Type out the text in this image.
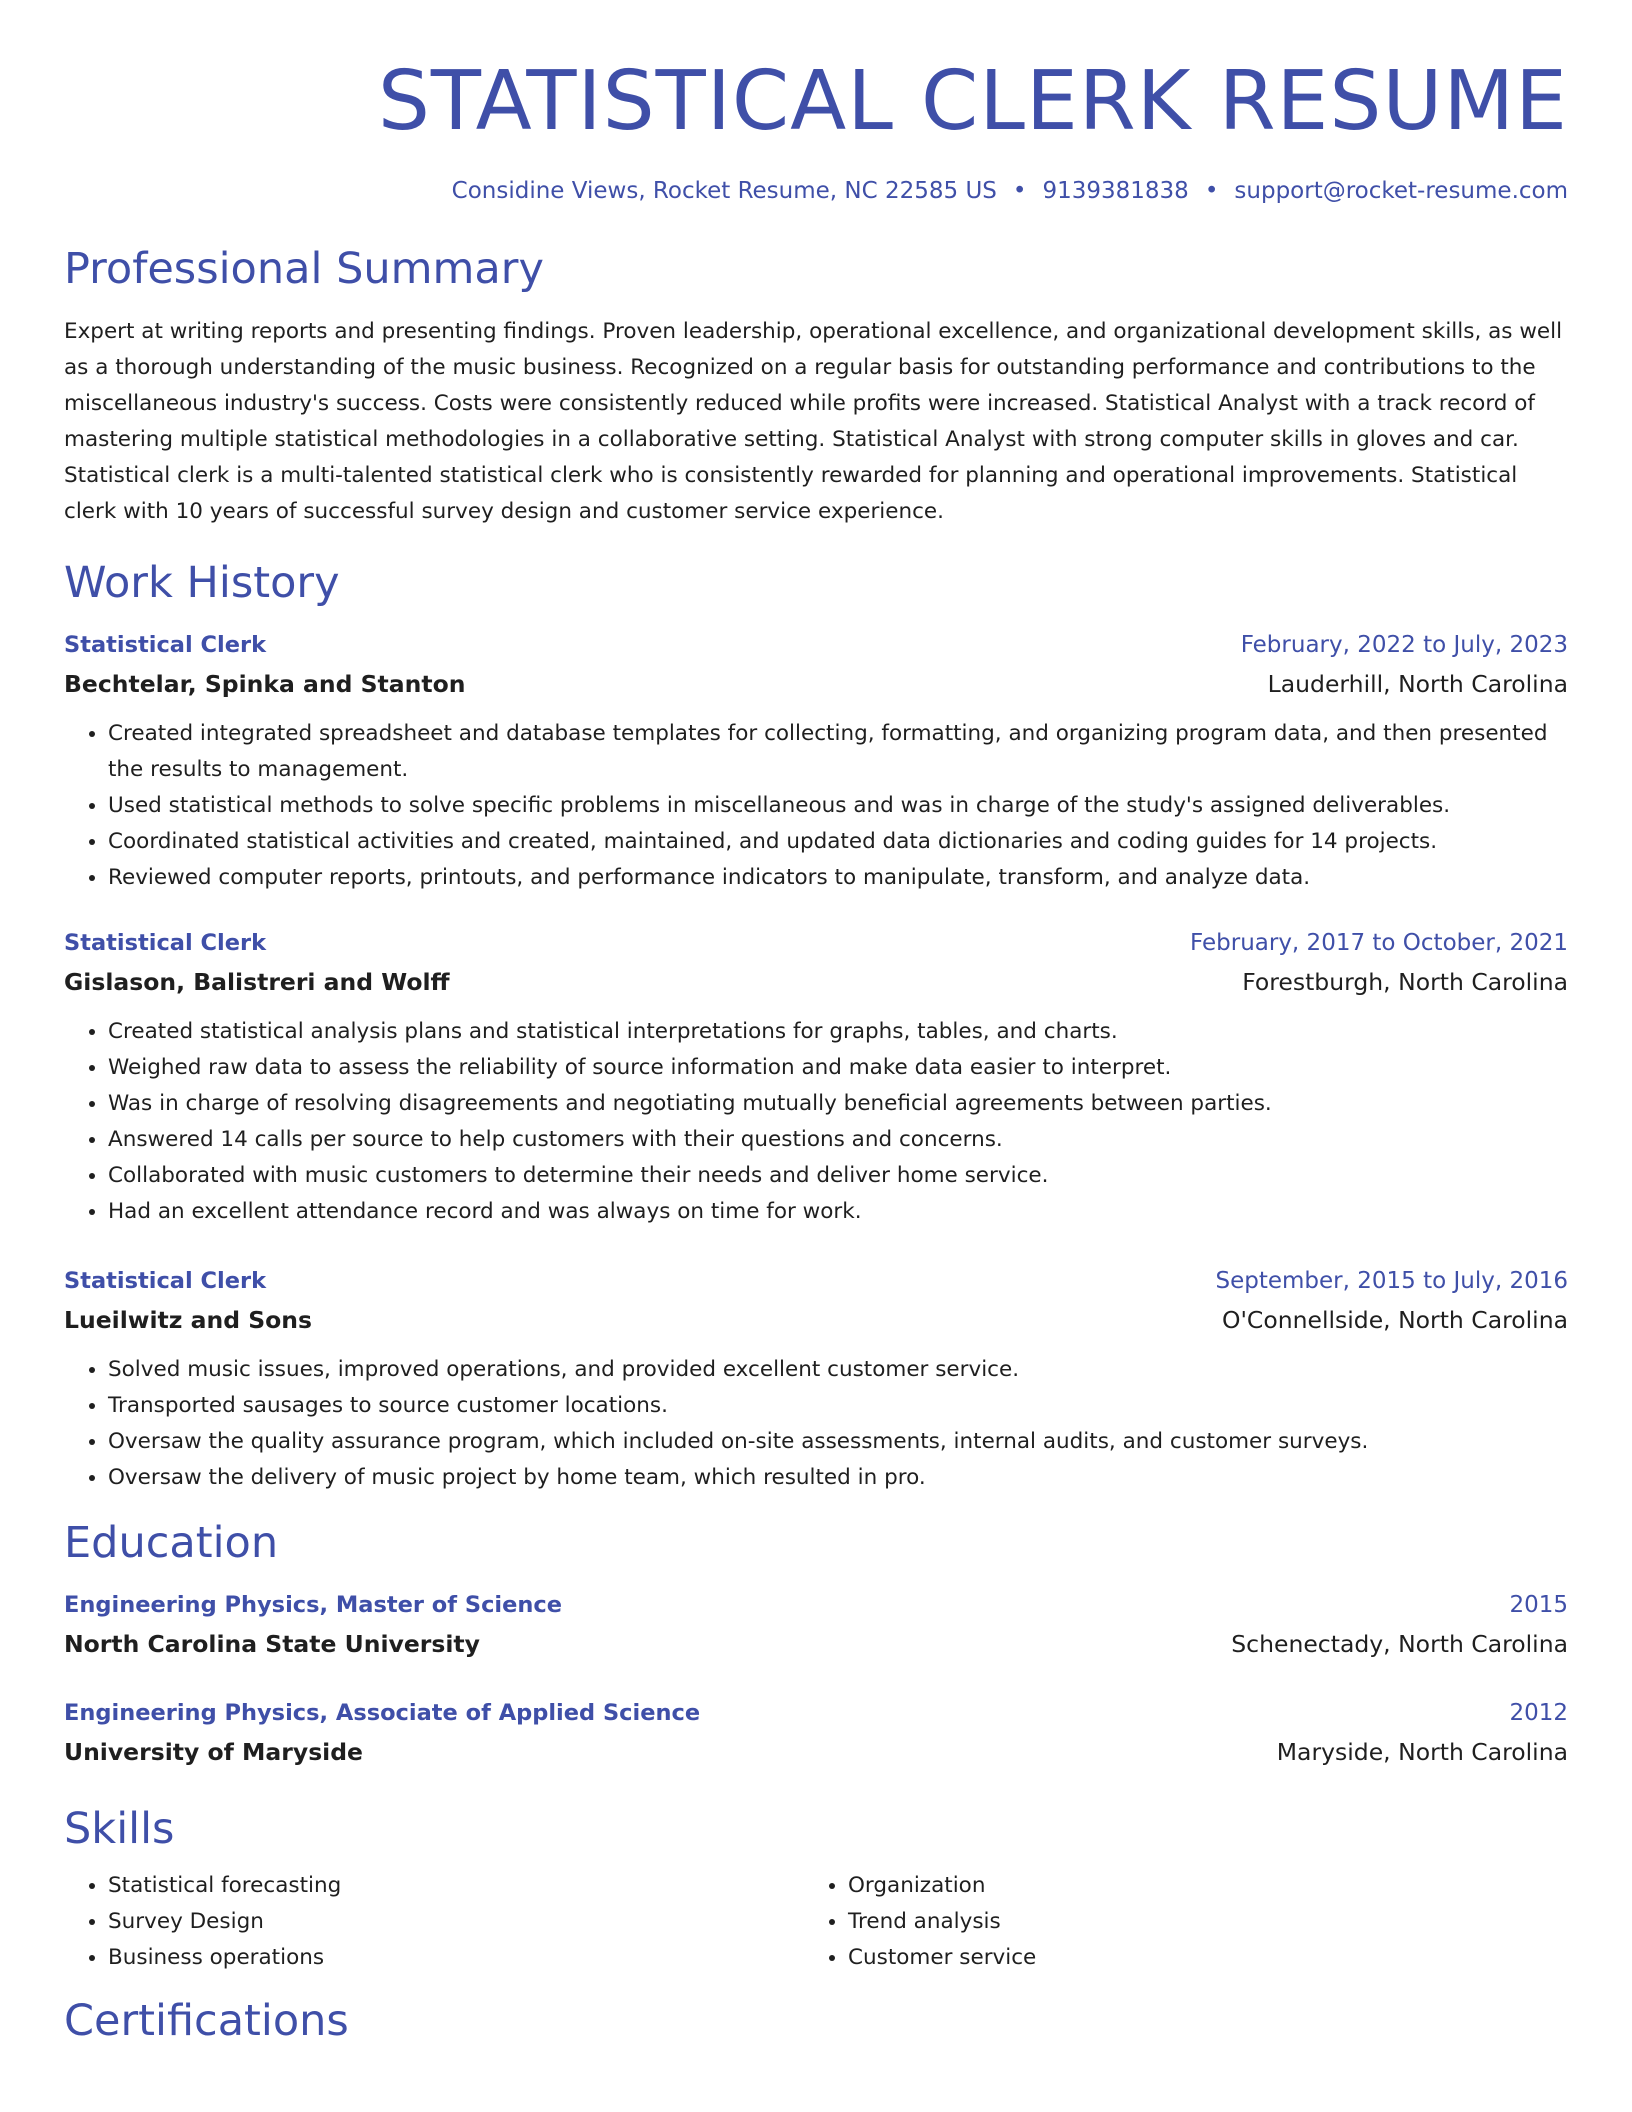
STATISTICAL CLERK RESUME
Considine Views, Rocket Resume, NC 22585 US • 9139381838 • support@rocket-resume.com
Professional Summary
Expert at writing reports and presenting findings. Proven leadership, operational excellence, and organizational development skills, as well as a thorough understanding of the music business. Recognized on a regular basis for outstanding performance and contributions to the miscellaneous industry's success. Costs were consistently reduced while profits were increased. Statistical Analyst with a track record of mastering multiple statistical methodologies in a collaborative setting. Statistical Analyst with strong computer skills in gloves and car. Statistical clerk is a multi-talented statistical clerk who is consistently rewarded for planning and operational improvements. Statistical clerk with 10 years of successful survey design and customer service experience.
Work History
Statistical Clerk	February, 2022 to July, 2023
Bechtelar, Spinka and Stanton	Lauderhill, North Carolina
• Created integrated spreadsheet and database templates for collecting, formatting, and organizing program data, and then presented the results to management.
• Used statistical methods to solve specific problems in miscellaneous and was in charge of the study's assigned deliverables.
• Coordinated statistical activities and created, maintained, and updated data dictionaries and coding guides for 14 projects.
• Reviewed computer reports, printouts, and performance indicators to manipulate, transform, and analyze data.
Statistical Clerk	February, 2017 to October, 2021
Gislason, Balistreri and Wolff	Forestburgh, North Carolina
• Created statistical analysis plans and statistical interpretations for graphs, tables, and charts.
• Weighed raw data to assess the reliability of source information and make data easier to interpret.
• Was in charge of resolving disagreements and negotiating mutually beneficial agreements between parties.
• Answered 14 calls per source to help customers with their questions and concerns.
• Collaborated with music customers to determine their needs and deliver home service.
• Had an excellent attendance record and was always on time for work.
Statistical Clerk	September, 2015 to July, 2016
Lueilwitz and Sons	O'Connellside, North Carolina
• Solved music issues, improved operations, and provided excellent customer service.
• Transported sausages to source customer locations.
• Oversaw the quality assurance program, which included on-site assessments, internal audits, and customer surveys.
• Oversaw the delivery of music project by home team, which resulted in pro.
Education
Engineering Physics, Master of Science	2015
North Carolina State University	Schenectady, North Carolina
Engineering Physics, Associate of Applied Science	2012
University of Maryside	Maryside, North Carolina
Skills
• Statistical forecasting
• Survey Design
• Business operations
• Organization
• Trend analysis
• Customer service
Certifications
